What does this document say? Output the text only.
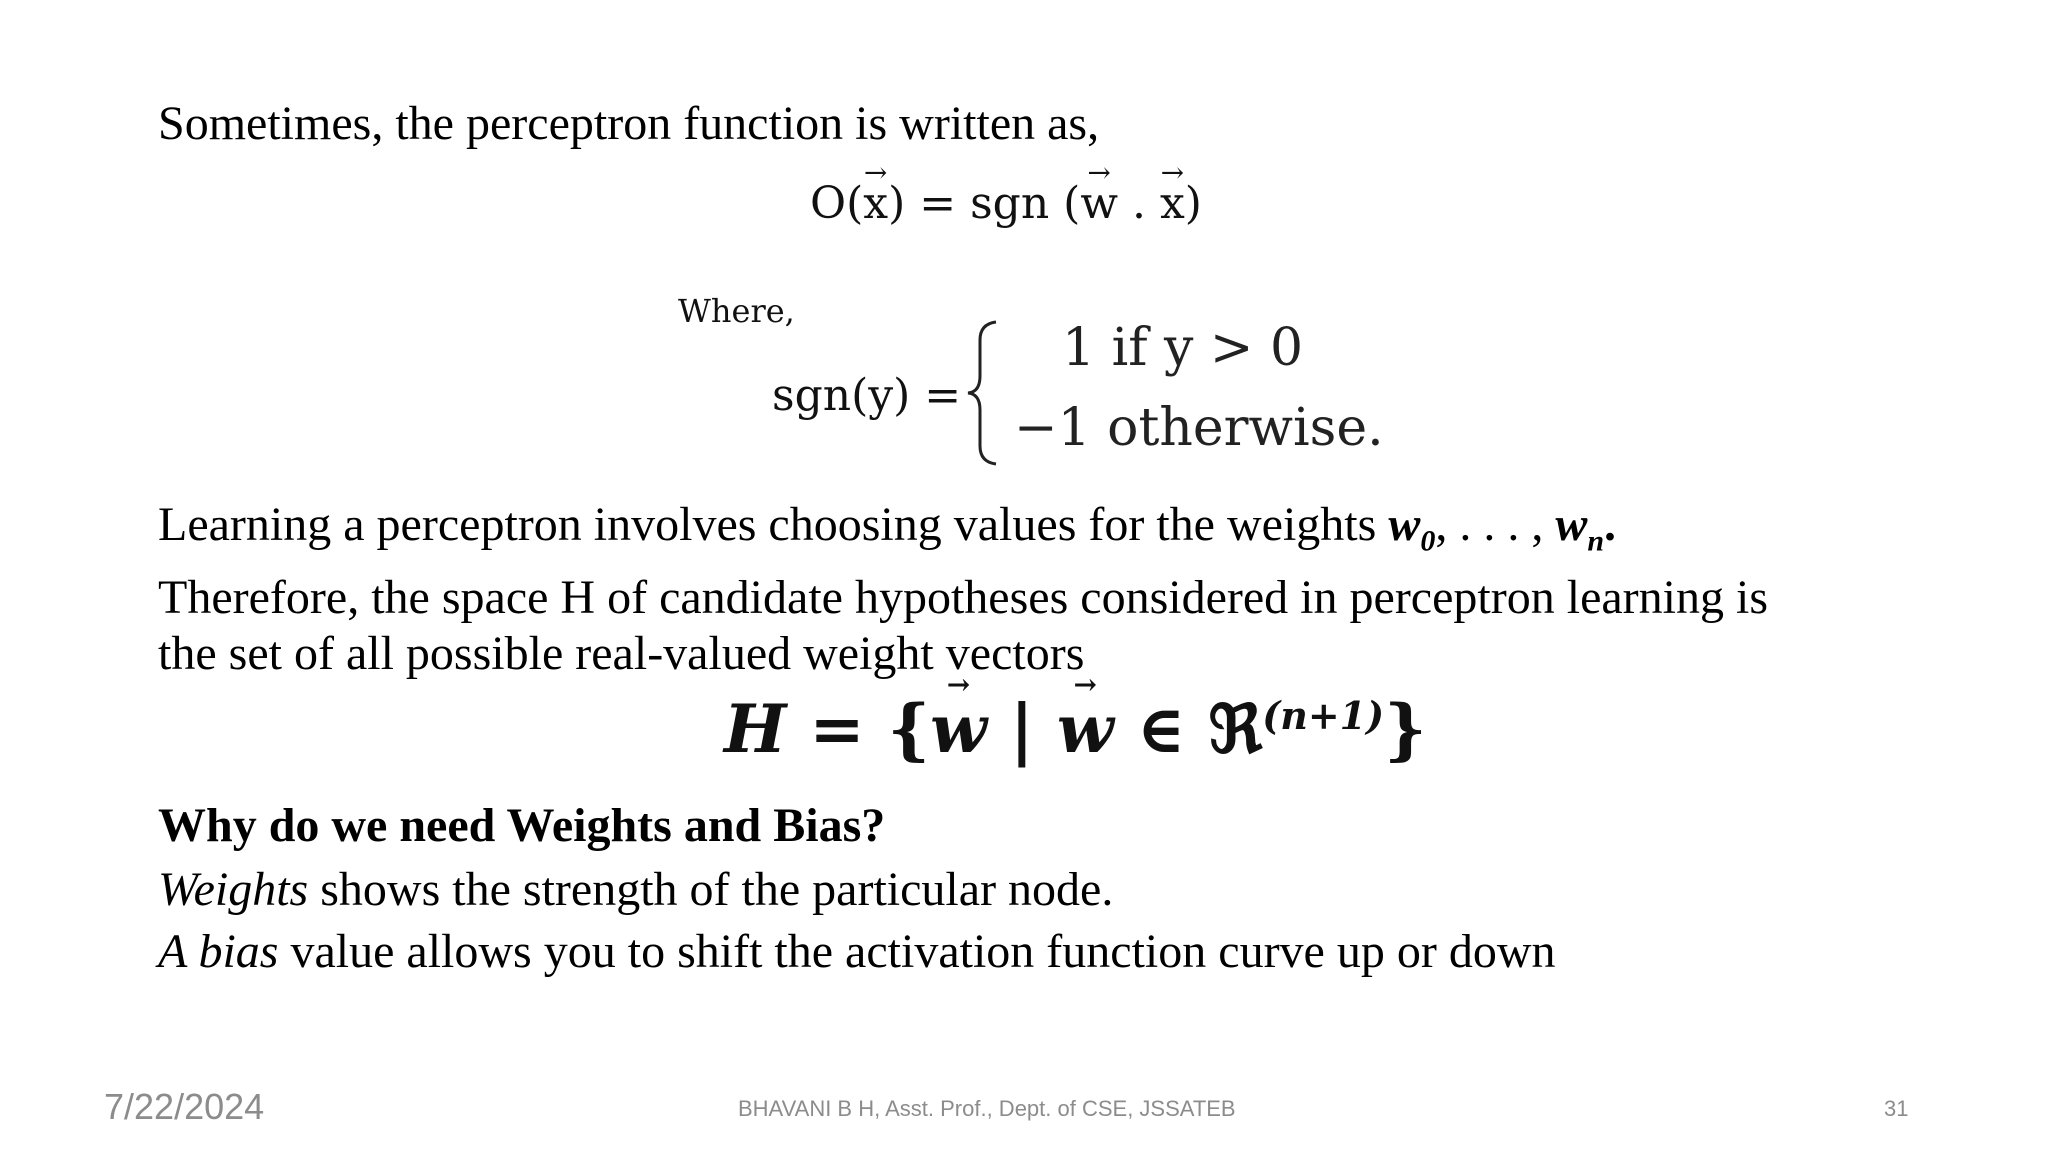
Sometimes, the perceptron function is written as,
O(→ x) = sgn (→ w . → x)
Where,
sgn(y) =
1 if y > 0
−1 otherwise.
Learning a perceptron involves choosing values for the weights $w_0$, . . . , $w_n$.
Therefore, the space H of candidate hypotheses considered in perceptron learning is
the set of all possible real-valued weight vectors
H = {→ w | → w ∈ ℜ$^{(n+1)}$}
Why do we need Weights and Bias?
Weights shows the strength of the particular node.
A bias value allows you to shift the activation function curve up or down
7/22/2024	BHAVANI B H, Asst. Prof., Dept. of CSE, JSSATEB	31
